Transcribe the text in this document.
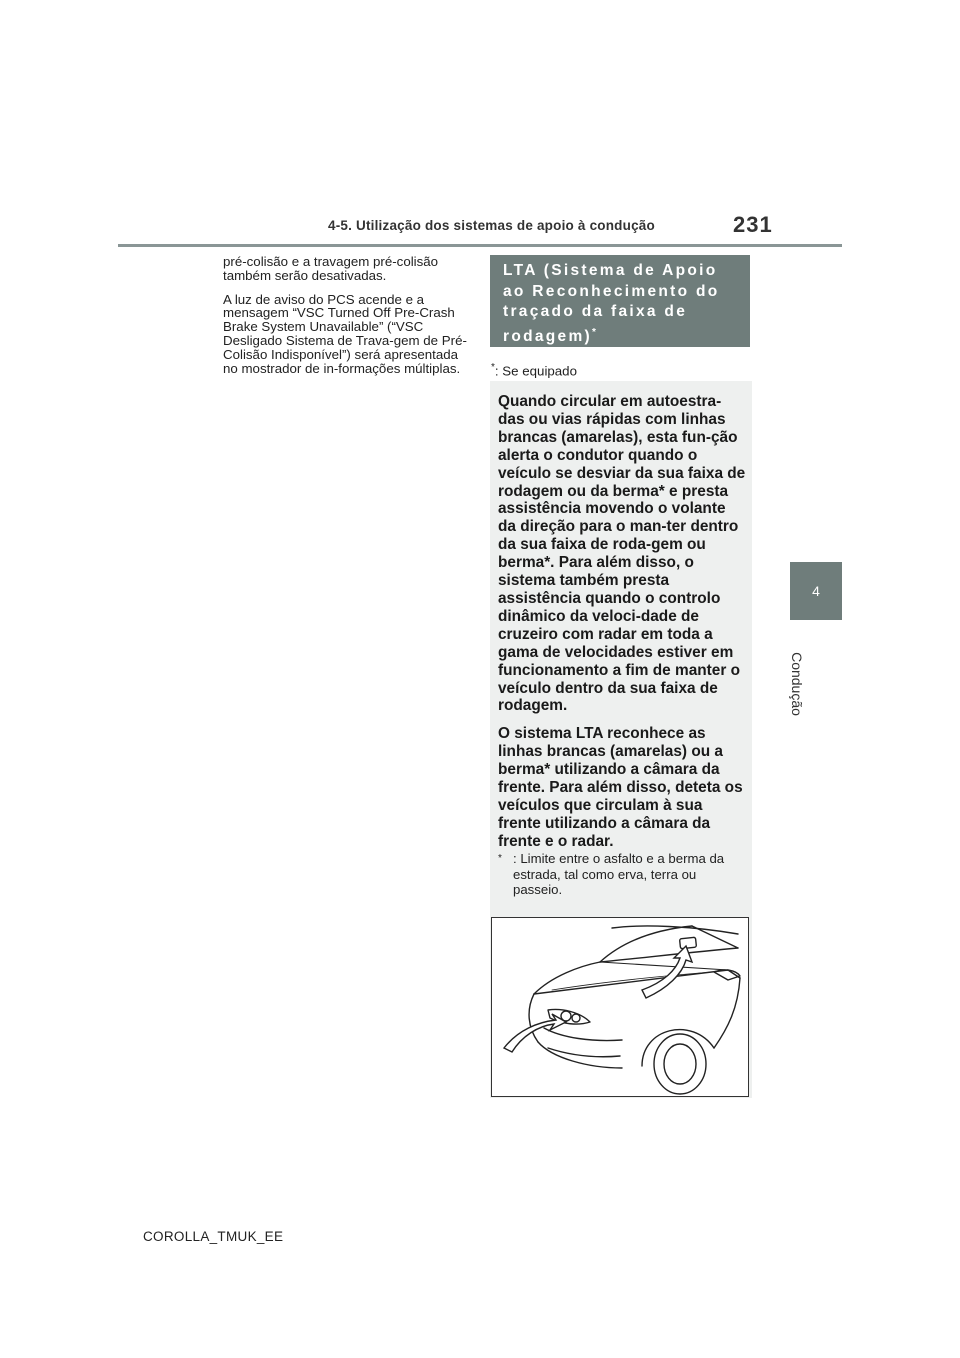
4-5. Utilização dos sistemas de apoio à condução	231
4
Condução

pré-colisão e a travagem pré-colisão também serão desativadas.

A luz de aviso do PCS acende e a mensagem “VSC Turned Off Pre-Crash Brake System Unavailable” (“VSC Desligado Sistema de Trava-gem de Pré-Colisão Indisponível”) será apresentada no mostrador de in-formações múltiplas.

LTA (Sistema de Apoio ao Reconhecimento do traçado da faixa de rodagem)*
*: Se equipado

Quando circular em autoestra-das ou vias rápidas com linhas brancas (amarelas), esta fun-ção alerta o condutor quando o veículo se desviar da sua faixa de rodagem ou da berma* e presta assistência movendo o volante da direção para o man-ter dentro da sua faixa de roda-gem ou berma*. Para além disso, o sistema também presta assistência quando o controlo dinâmico da veloci-dade de cruzeiro com radar em toda a gama de velocidades estiver em funcionamento a fim de manter o veículo dentro da sua faixa de rodagem.

O sistema LTA reconhece as linhas brancas (amarelas) ou a berma* utilizando a câmara da frente. Para além disso, deteta os veículos que circulam à sua frente utilizando a câmara da frente e o radar.

* : Limite entre o asfalto e a berma da estrada, tal como erva, terra ou passeio.
COROLLA_TMUK_EE
